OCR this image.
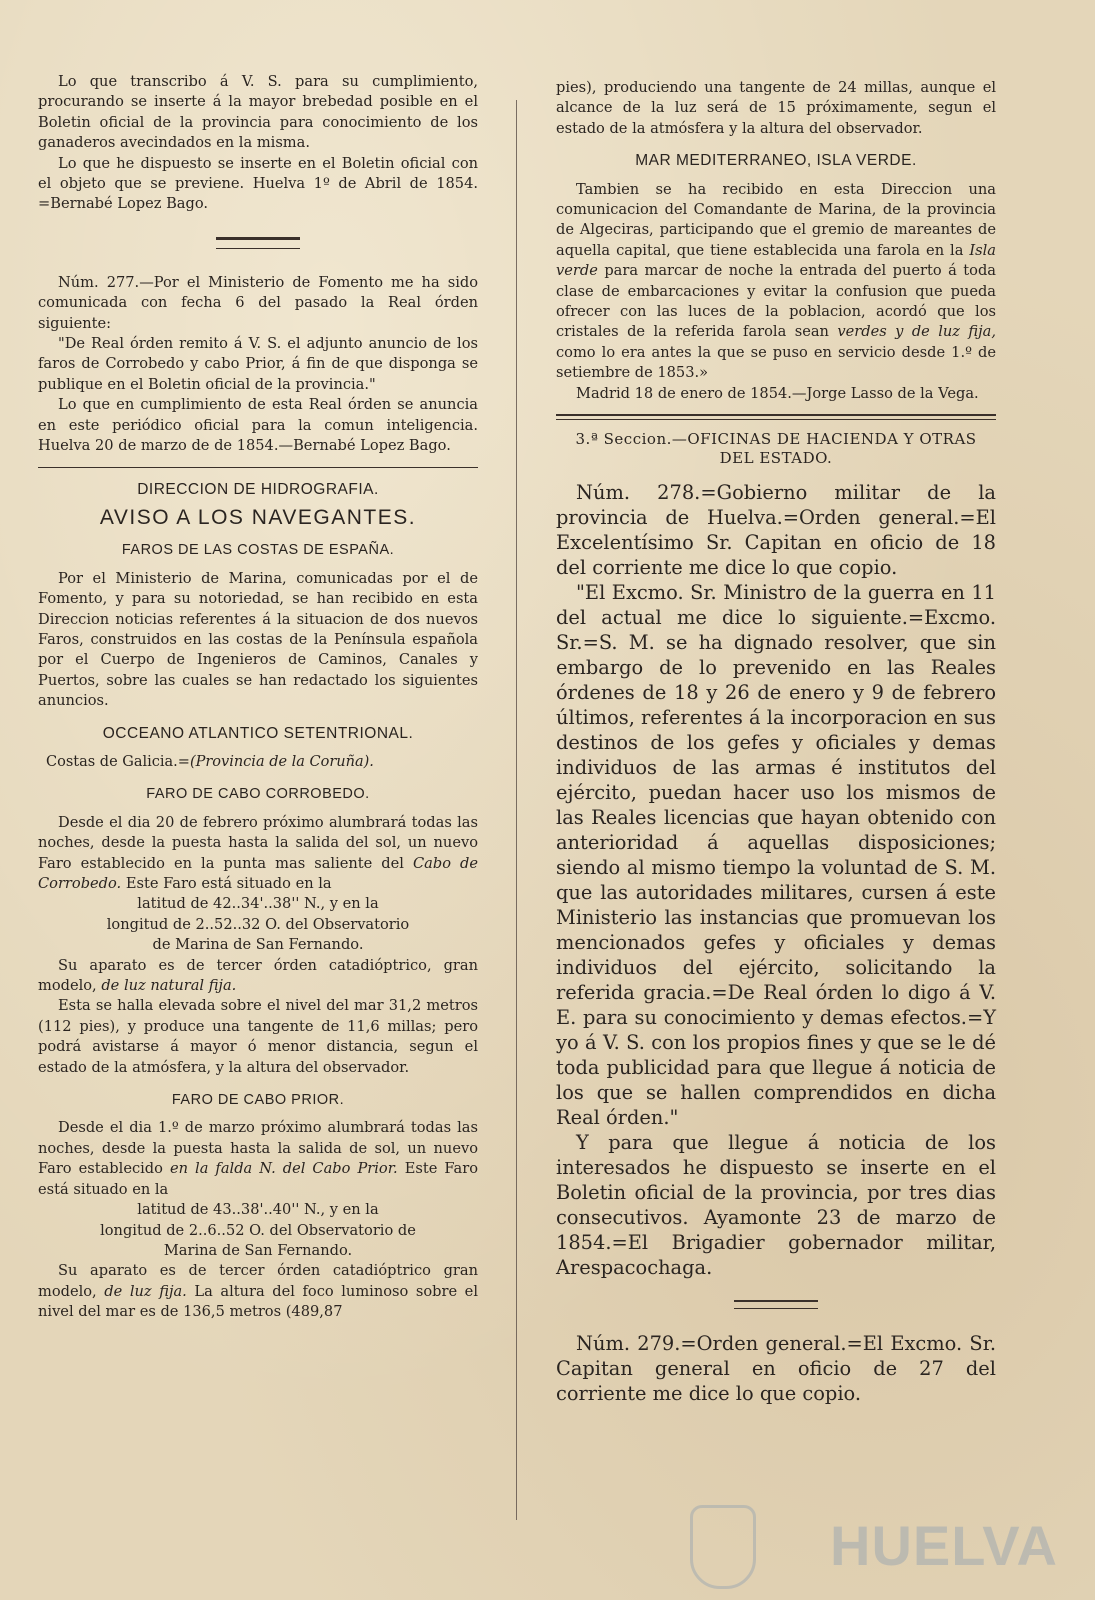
Lo que transcribo á V. S. para su cumplimiento, procurando se inserte á la mayor brebedad posible en el Boletin oficial de la provincia para conocimiento de los ganaderos avecindados en la misma.

Lo que he dispuesto se inserte en el Boletin oficial con el objeto que se previene. Huelva 1º de Abril de 1854. =Bernabé Lopez Bago.

Núm. 277.—Por el Ministerio de Fomento me ha sido comunicada con fecha 6 del pasado la Real órden siguiente:

"De Real órden remito á V. S. el adjunto anuncio de los faros de Corrobedo y cabo Prior, á fin de que disponga se publique en el Boletin oficial de la provincia."

Lo que en cumplimiento de esta Real órden se anuncia en este periódico oficial para la comun inteligencia. Huelva 20 de marzo de de 1854.—Bernabé Lopez Bago.

DIRECCION DE HIDROGRAFIA.
AVISO A LOS NAVEGANTES.
FAROS DE LAS COSTAS DE ESPAÑA.

Por el Ministerio de Marina, comunicadas por el de Fomento, y para su notoriedad, se han recibido en esta Direccion noticias referentes á la situacion de dos nuevos Faros, construidos en las costas de la Península española por el Cuerpo de Ingenieros de Caminos, Canales y Puertos, sobre las cuales se han redactado los siguientes anuncios.

OCCEANO ATLANTICO SETENTRIONAL.

Costas de Galicia.=(Provincia de la Coruña).

FARO DE CABO CORROBEDO.

Desde el dia 20 de febrero próximo alumbrará todas las noches, desde la puesta hasta la salida del sol, un nuevo Faro establecido en la punta mas saliente del Cabo de Corrobedo. Este Faro está situado en la

latitud de 42..34'..38'' N., y en la
longitud de 2..52..32 O. del Observatorio
de Marina de San Fernando.

Su aparato es de tercer órden catadióptrico, gran modelo, de luz natural fija.

Esta se halla elevada sobre el nivel del mar 31,2 metros (112 pies), y produce una tangente de 11,6 millas; pero podrá avistarse á mayor ó menor distancia, segun el estado de la atmósfera, y la altura del observador.

FARO DE CABO PRIOR.

Desde el dia 1.º de marzo próximo alumbrará todas las noches, desde la puesta hasta la salida de sol, un nuevo Faro establecido en la falda N. del Cabo Prior. Este Faro está situado en la

latitud de 43..38'..40'' N., y en la
longitud de 2..6..52 O. del Observatorio de
Marina de San Fernando.

Su aparato es de tercer órden catadióptrico gran modelo, de luz fija. La altura del foco luminoso sobre el nivel del mar es de 136,5 metros (489,87

pies), produciendo una tangente de 24 millas, aunque el alcance de la luz será de 15 próximamente, segun el estado de la atmósfera y la altura del observador.

MAR MEDITERRANEO, ISLA VERDE.

Tambien se ha recibido en esta Direccion una comunicacion del Comandante de Marina, de la provincia de Algeciras, participando que el gremio de mareantes de aquella capital, que tiene establecida una farola en la Isla verde para marcar de noche la entrada del puerto á toda clase de embarcaciones y evitar la confusion que pueda ofrecer con las luces de la poblacion, acordó que los cristales de la referida farola sean verdes y de luz fija, como lo era antes la que se puso en servicio desde 1.º de setiembre de 1853.»

Madrid 18 de enero de 1854.—Jorge Lasso de la Vega.

3.ª Seccion.—OFICINAS DE HACIENDA Y OTRAS DEL ESTADO.

Núm. 278.=Gobierno militar de la provincia de Huelva.=Orden general.=El Excelentísimo Sr. Capitan en oficio de 18 del corriente me dice lo que copio.

"El Excmo. Sr. Ministro de la guerra en 11 del actual me dice lo siguiente.=Excmo. Sr.=S. M. se ha dignado resolver, que sin embargo de lo prevenido en las Reales órdenes de 18 y 26 de enero y 9 de febrero últimos, referentes á la incorporacion en sus destinos de los gefes y oficiales y demas individuos de las armas é institutos del ejército, puedan hacer uso los mismos de las Reales licencias que hayan obtenido con anterioridad á aquellas disposiciones; siendo al mismo tiempo la voluntad de S. M. que las autoridades militares, cursen á este Ministerio las instancias que promuevan los mencionados gefes y oficiales y demas individuos del ejército, solicitando la referida gracia.=De Real órden lo digo á V. E. para su conocimiento y demas efectos.=Y yo á V. S. con los propios fines y que se le dé toda publicidad para que llegue á noticia de los que se hallen comprendidos en dicha Real órden."

Y para que llegue á noticia de los interesados he dispuesto se inserte en el Boletin oficial de la provincia, por tres dias consecutivos. Ayamonte 23 de marzo de 1854.=El Brigadier gobernador militar, Arespacochaga.

Núm. 279.=Orden general.=El Excmo. Sr. Capitan general en oficio de 27 del corriente me dice lo que copio.

HUELVA
